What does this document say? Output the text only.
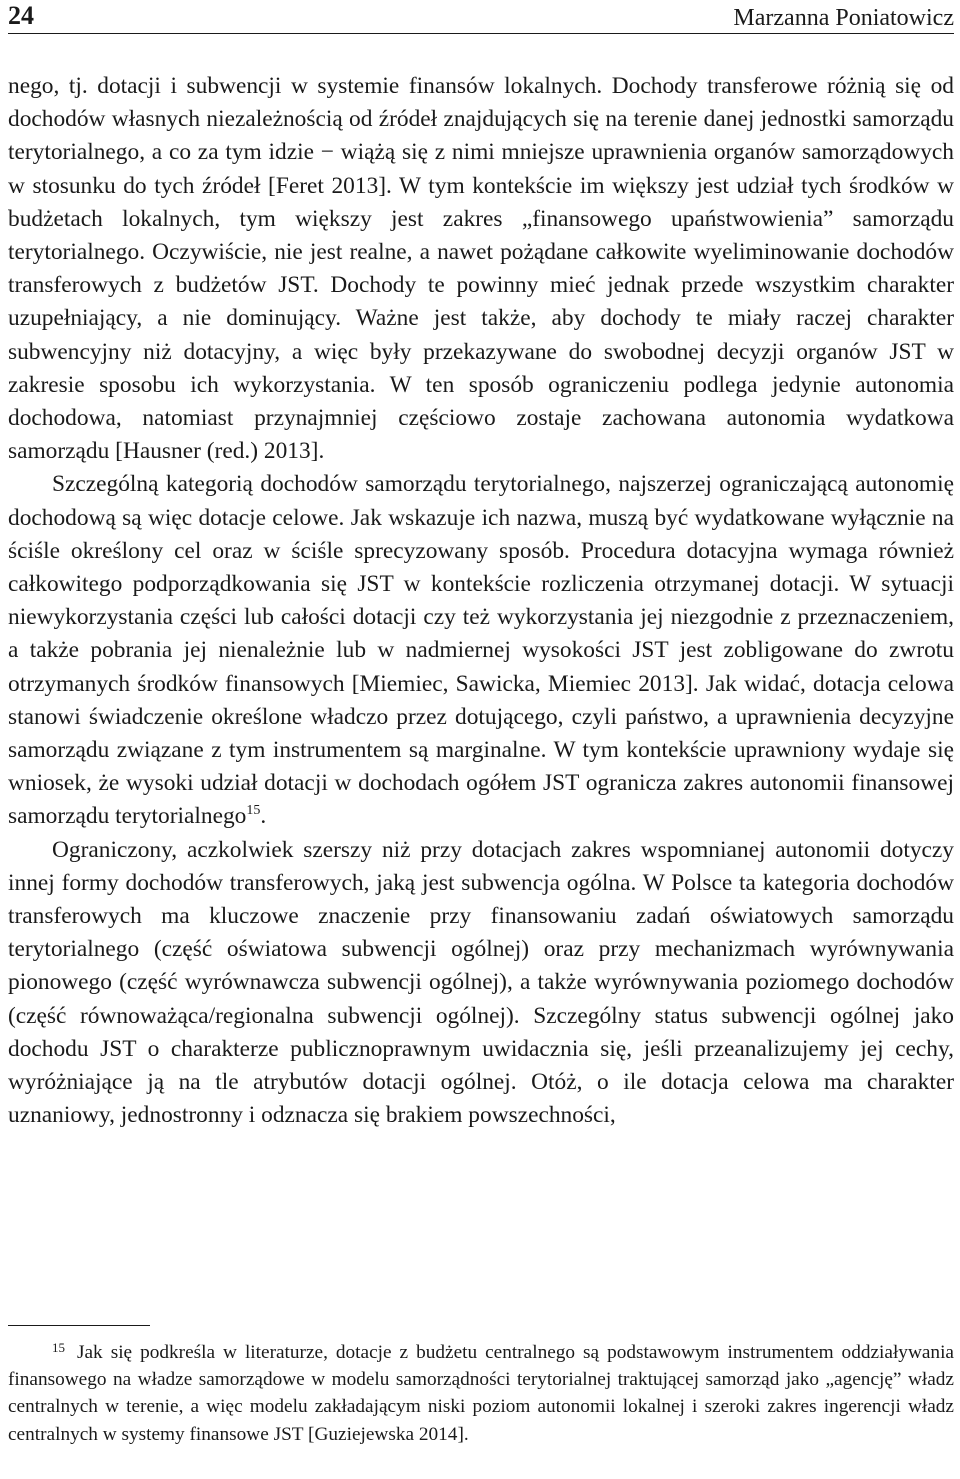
24	Marzanna Poniatowicz

nego, tj. dotacji i subwencji w systemie finansów lokalnych. Dochody transferowe różnią się od dochodów własnych niezależnością od źródeł znajdujących się na terenie danej jednostki samorządu terytorialnego, a co za tym idzie − wiążą się z nimi mniejsze uprawnienia organów samorządowych w stosunku do tych źródeł [Feret 2013]. W tym kontekście im większy jest udział tych środków w budżetach lokalnych, tym większy jest zakres „finansowego upaństwowienia” samorządu terytorialnego. Oczywiście, nie jest realne, a nawet pożądane całkowite wyeliminowanie dochodów transferowych z budżetów JST. Dochody te powinny mieć jednak przede wszystkim charakter uzupełniający, a nie dominujący. Ważne jest także, aby dochody te miały raczej charakter subwencyjny niż dotacyjny, a więc były przekazywane do swobodnej decyzji organów JST w zakresie sposobu ich wykorzystania. W ten sposób ograniczeniu podlega jedynie autonomia dochodowa, natomiast przynajmniej częściowo zostaje zachowana autonomia wydatkowa samorządu [Hausner (red.) 2013].

Szczególną kategorią dochodów samorządu terytorialnego, najszerzej ograniczającą autonomię dochodową są więc dotacje celowe. Jak wskazuje ich nazwa, muszą być wydatkowane wyłącznie na ściśle określony cel oraz w ściśle sprecyzowany sposób. Procedura dotacyjna wymaga również całkowitego podporządkowania się JST w kontekście rozliczenia otrzymanej dotacji. W sytuacji niewykorzystania części lub całości dotacji czy też wykorzystania jej niezgodnie z przeznaczeniem, a także pobrania jej nienależnie lub w nadmiernej wysokości JST jest zobligowane do zwrotu otrzymanych środków finansowych [Miemiec, Sawicka, Miemiec 2013]. Jak widać, dotacja celowa stanowi świadczenie określone władczo przez dotującego, czyli państwo, a uprawnienia decyzyjne samorządu związane z tym instrumentem są marginalne. W tym kontekście uprawniony wydaje się wniosek, że wysoki udział dotacji w dochodach ogółem JST ogranicza zakres autonomii finansowej samorządu terytorialnego$^{15}$.

Ograniczony, aczkolwiek szerszy niż przy dotacjach zakres wspomnianej autonomii dotyczy innej formy dochodów transferowych, jaką jest subwencja ogólna. W Polsce ta kategoria dochodów transferowych ma kluczowe znaczenie przy finansowaniu zadań oświatowych samorządu terytorialnego (część oświatowa subwencji ogólnej) oraz przy mechanizmach wyrównywania pionowego (część wyrównawcza subwencji ogólnej), a także wyrównywania poziomego dochodów (część równoważąca/regionalna subwencji ogólnej). Szczególny status subwencji ogólnej jako dochodu JST o charakterze publicznoprawnym uwidacznia się, jeśli przeanalizujemy jej cechy, wyróżniające ją na tle atrybutów dotacji ogólnej. Otóż, o ile dotacja celowa ma charakter uznaniowy, jednostronny i odznacza się brakiem powszechności,

$^{15}$ Jak się podkreśla w literaturze, dotacje z budżetu centralnego są podstawowym instrumentem oddziaływania finansowego na władze samorządowe w modelu samorządności terytorialnej traktującej samorząd jako „agencję” władz centralnych w terenie, a więc modelu zakładającym niski poziom autonomii lokalnej i szeroki zakres ingerencji władz centralnych w systemy finansowe JST [Guziejewska 2014].
